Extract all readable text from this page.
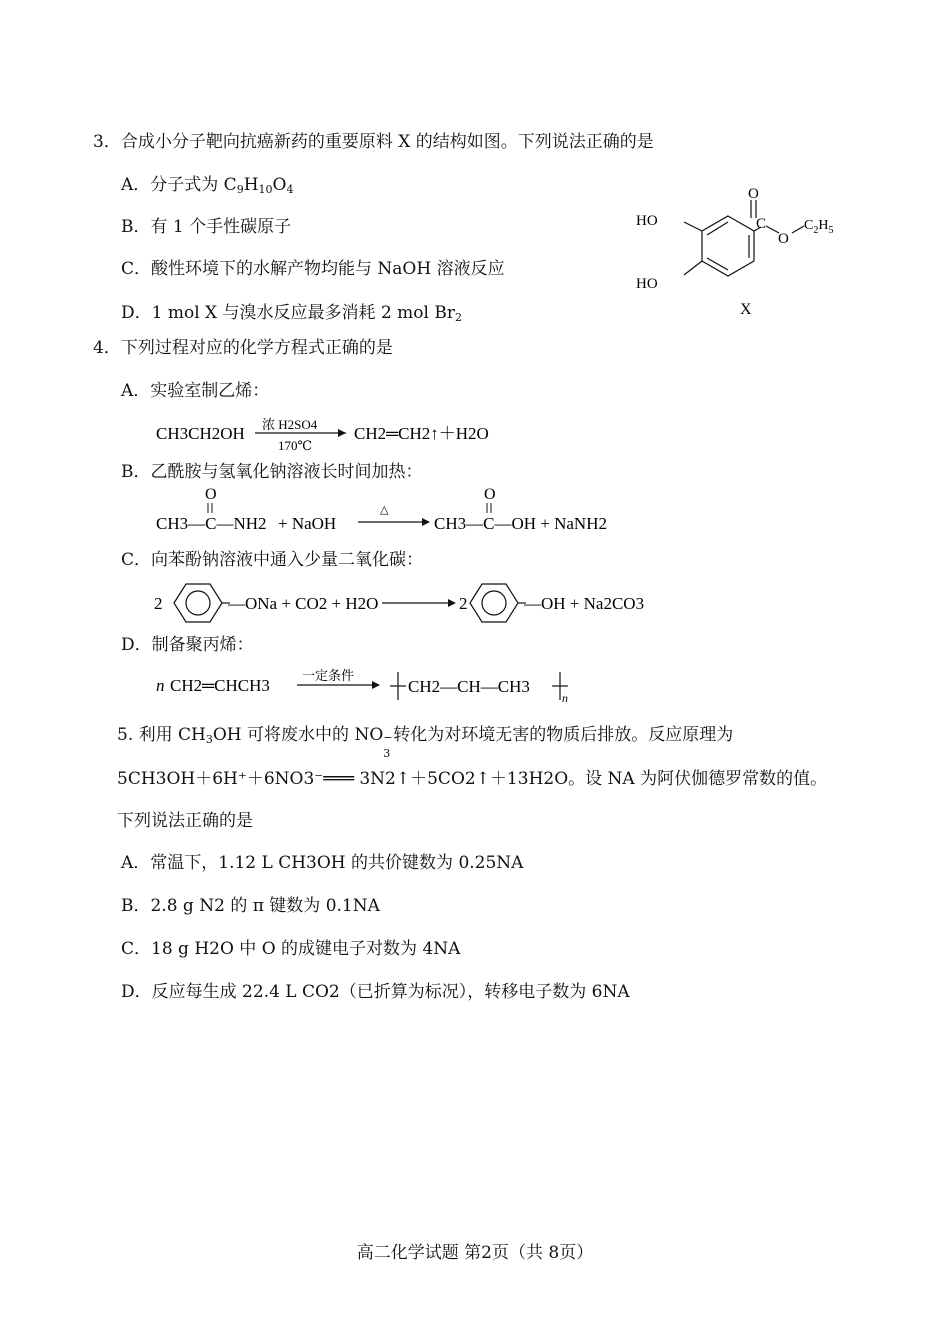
3．合成小分子靶向抗癌新药的重要原料 X 的结构如图。下列说法正确的是
A．分子式为 $C_9H_{10}O_4$
B．有 1 个手性碳原子
C．酸性环境下的水解产物均能与 NaOH 溶液反应
D．1 mol X 与溴水反应最多消耗 2 mol $Br_2$
O
C
O
$C_2H_5$
HO
HO
X
4．下列过程对应的化学方程式正确的是
A．实验室制乙烯：
CH3CH2OH 浓 H2SO4
170℃
CH2═CH2↑＋H2O
B．乙酰胺与氢氧化钠溶液长时间加热：
O
CH3—C—NH2 + NaOH
△
O
CH3—C—OH + NaNH2
C．向苯酚钠溶液中通入少量二氧化碳：
2	—ONa + CO2 + H2O	2	—OH + Na2CO3
D．制备聚丙烯：
n CH2═CHCH3
一定条件
CH2—CH—CH3
n
5. 利用 $CH_3OH$ 可将废水中的 NO −
3
转化为对环境无害的物质后排放。反应原理为
5CH3OH＋6H⁺＋6NO3⁻═══ 3N2↑＋5CO2↑＋13H2O。设 NA 为阿伏伽德罗常数的值。
下列说法正确的是
A．常温下，1.12 L CH3OH 的共价键数为 0.25NA
B．2.8 g N2 的 π 键数为 0.1NA
C．18 g H2O 中 O 的成键电子对数为 4NA
D．反应每生成 22.4 L CO2（已折算为标况），转移电子数为 6NA
高二化学试题 第2页（共 8页）
